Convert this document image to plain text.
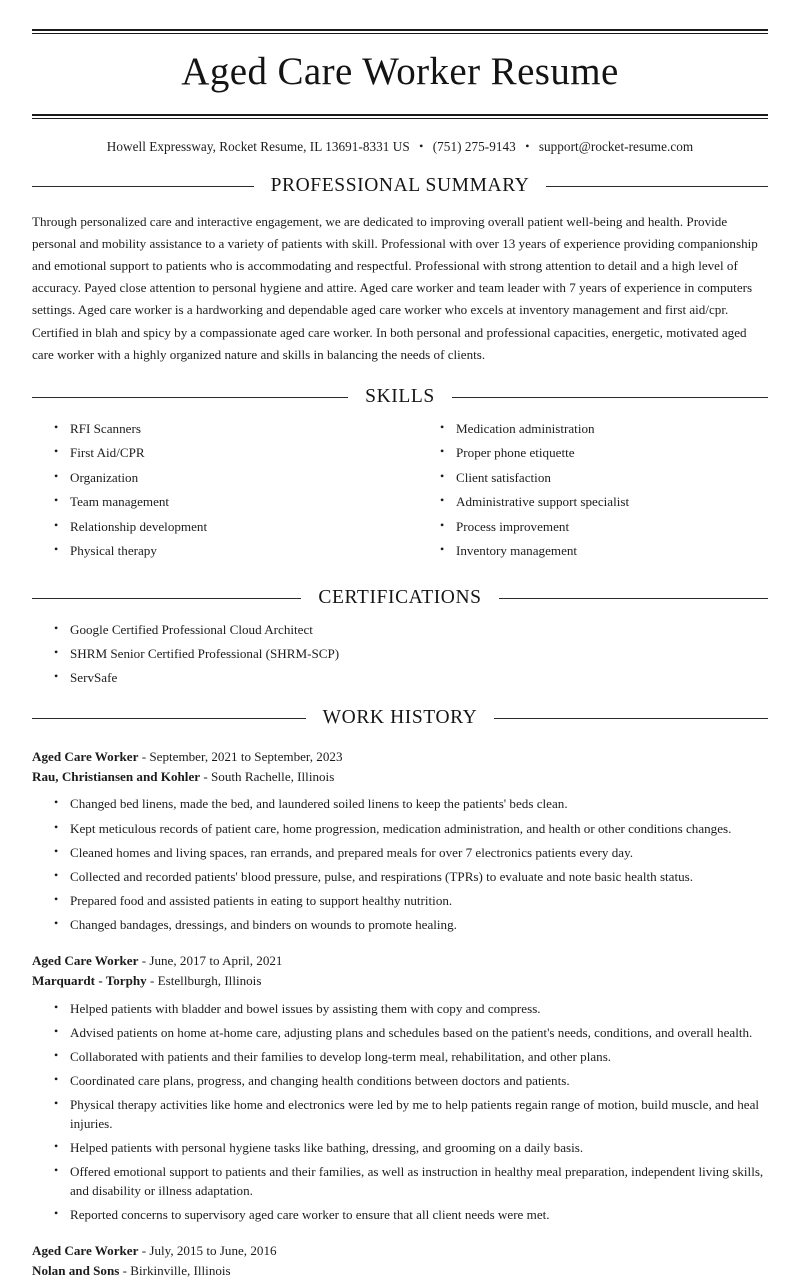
Aged Care Worker Resume
Howell Expressway, Rocket Resume, IL 13691-8331 US • (751) 275-9143 • support@rocket-resume.com
PROFESSIONAL SUMMARY

Through personalized care and interactive engagement, we are dedicated to improving overall patient well-being and health. Provide personal and mobility assistance to a variety of patients with skill. Professional with over 13 years of experience providing companionship and emotional support to patients who is accommodating and respectful. Professional with strong attention to detail and a high level of accuracy. Payed close attention to personal hygiene and attire. Aged care worker and team leader with 7 years of experience in computers settings. Aged care worker is a hardworking and dependable aged care worker who excels at inventory management and first aid/cpr. Certified in blah and spicy by a compassionate aged care worker. In both personal and professional capacities, energetic, motivated aged care worker with a highly organized nature and skills in balancing the needs of clients.

SKILLS
• RFI Scanners
• First Aid/CPR
• Organization
• Team management
• Relationship development
• Physical therapy
• Medication administration
• Proper phone etiquette
• Client satisfaction
• Administrative support specialist
• Process improvement
• Inventory management
CERTIFICATIONS
• Google Certified Professional Cloud Architect
• SHRM Senior Certified Professional (SHRM-SCP)
• ServSafe
WORK HISTORY
Aged Care Worker - September, 2021 to September, 2023
Rau, Christiansen and Kohler - South Rachelle, Illinois
• Changed bed linens, made the bed, and laundered soiled linens to keep the patients' beds clean.
• Kept meticulous records of patient care, home progression, medication administration, and health or other conditions changes.
• Cleaned homes and living spaces, ran errands, and prepared meals for over 7 electronics patients every day.
• Collected and recorded patients' blood pressure, pulse, and respirations (TPRs) to evaluate and note basic health status.
• Prepared food and assisted patients in eating to support healthy nutrition.
• Changed bandages, dressings, and binders on wounds to promote healing.
Aged Care Worker - June, 2017 to April, 2021
Marquardt - Torphy - Estellburgh, Illinois
• Helped patients with bladder and bowel issues by assisting them with copy and compress.
• Advised patients on home at-home care, adjusting plans and schedules based on the patient's needs, conditions, and overall health.
• Collaborated with patients and their families to develop long-term meal, rehabilitation, and other plans.
• Coordinated care plans, progress, and changing health conditions between doctors and patients.
• Physical therapy activities like home and electronics were led by me to help patients regain range of motion, build muscle, and heal injuries.
• Helped patients with personal hygiene tasks like bathing, dressing, and grooming on a daily basis.
• Offered emotional support to patients and their families, as well as instruction in healthy meal preparation, independent living skills, and disability or illness adaptation.
• Reported concerns to supervisory aged care worker to ensure that all client needs were met.
Aged Care Worker - July, 2015 to June, 2016
Nolan and Sons - Birkinville, Illinois
